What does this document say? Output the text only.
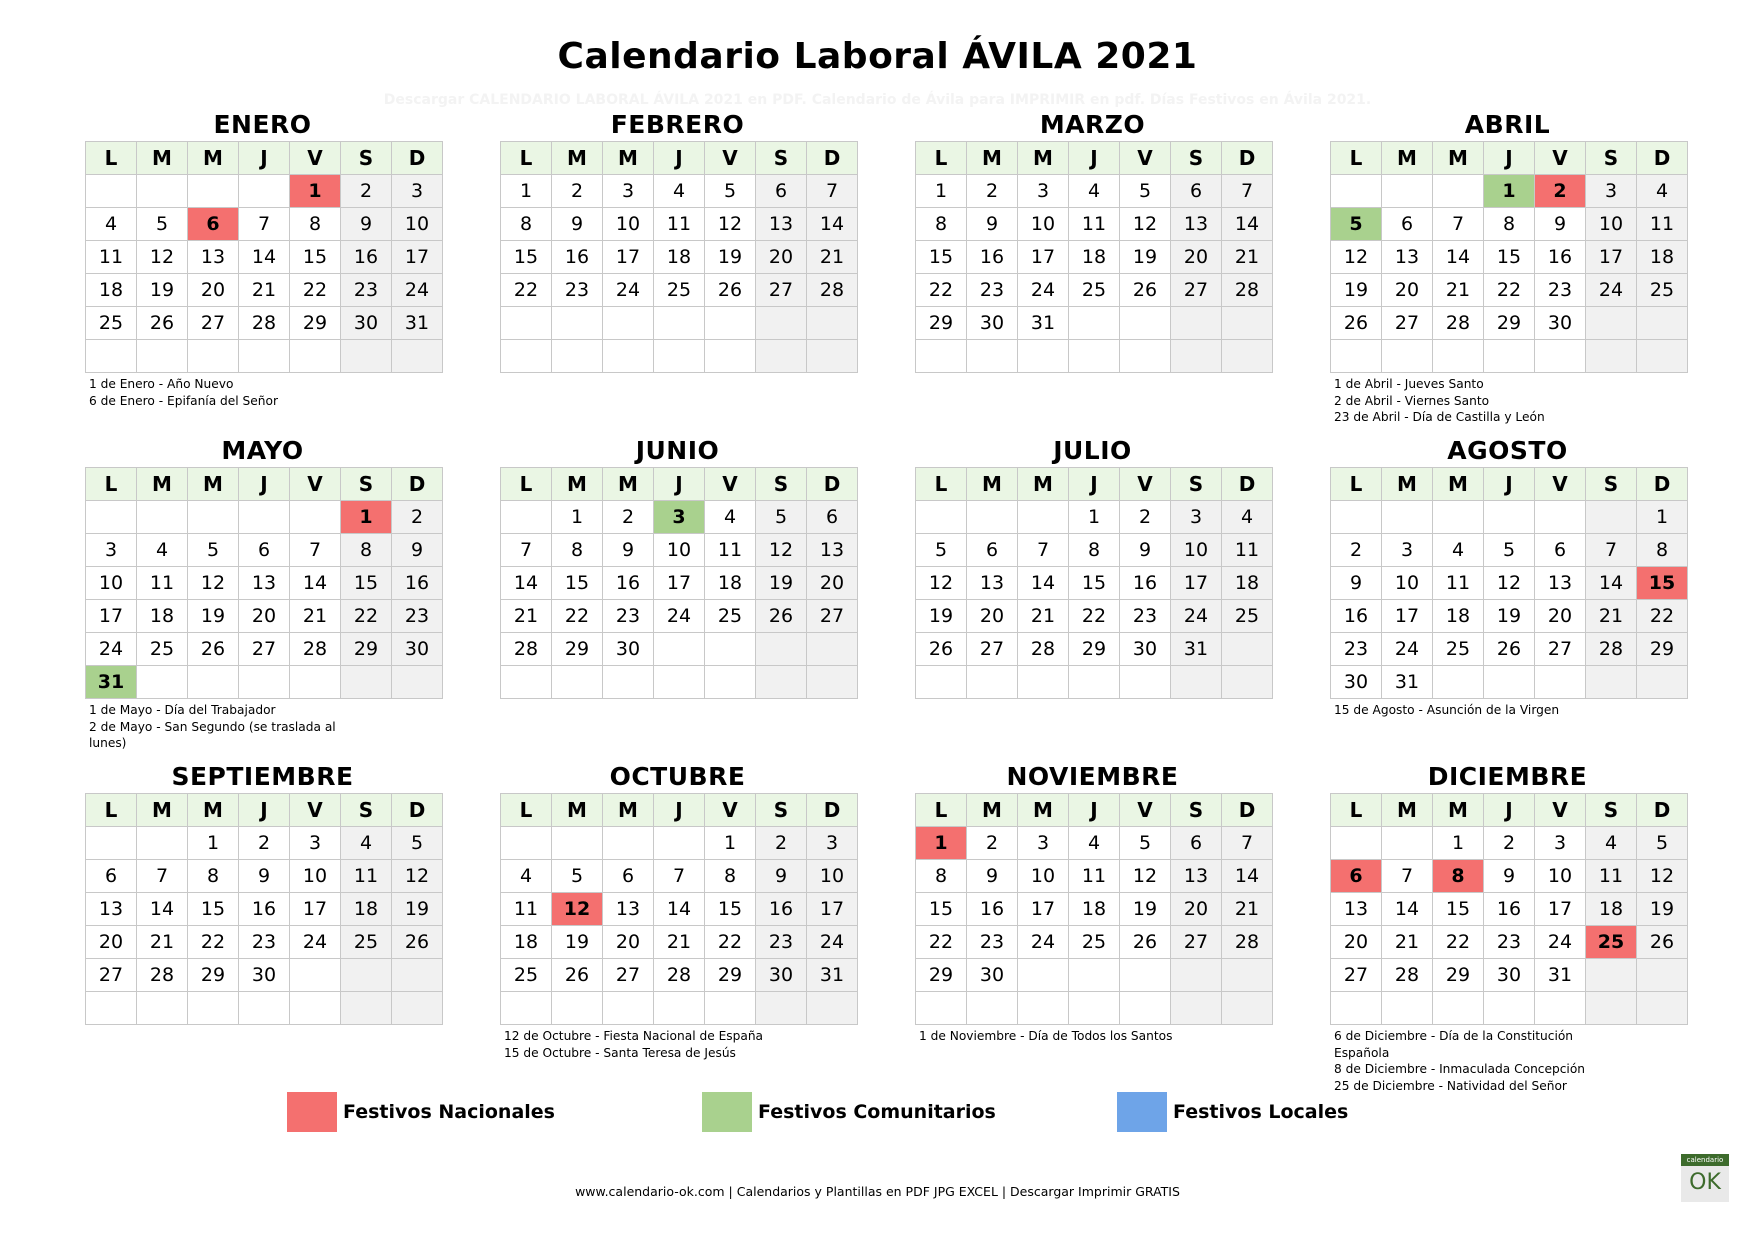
Calendario Laboral ÁVILA 2021
Descargar CALENDARIO LABORAL ÁVILA 2021 en PDF. Calendario de Ávila para IMPRIMIR en pdf. Días Festivos en Ávila 2021.
ENERO
L	M	M	J	V	S	D
				1	2	3
4	5	6	7	8	9	10
11	12	13	14	15	16	17
18	19	20	21	22	23	24
25	26	27	28	29	30	31

1 de Enero - Año Nuevo
6 de Enero - Epifanía del Señor
FEBRERO
L	M	M	J	V	S	D
1	2	3	4	5	6	7
8	9	10	11	12	13	14
15	16	17	18	19	20	21
22	23	24	25	26	27	28

MARZO
L	M	M	J	V	S	D
1	2	3	4	5	6	7
8	9	10	11	12	13	14
15	16	17	18	19	20	21
22	23	24	25	26	27	28
29	30	31				

ABRIL
L	M	M	J	V	S	D
			1	2	3	4
5	6	7	8	9	10	11
12	13	14	15	16	17	18
19	20	21	22	23	24	25
26	27	28	29	30		

1 de Abril - Jueves Santo
2 de Abril - Viernes Santo
23 de Abril - Día de Castilla y León
MAYO
L	M	M	J	V	S	D
					1	2
3	4	5	6	7	8	9
10	11	12	13	14	15	16
17	18	19	20	21	22	23
24	25	26	27	28	29	30
31						
1 de Mayo - Día del Trabajador
2 de Mayo - San Segundo (se traslada al lunes)
JUNIO
L	M	M	J	V	S	D
	1	2	3	4	5	6
7	8	9	10	11	12	13
14	15	16	17	18	19	20
21	22	23	24	25	26	27
28	29	30				

JULIO
L	M	M	J	V	S	D
			1	2	3	4
5	6	7	8	9	10	11
12	13	14	15	16	17	18
19	20	21	22	23	24	25
26	27	28	29	30	31	

AGOSTO
L	M	M	J	V	S	D
						1
2	3	4	5	6	7	8
9	10	11	12	13	14	15
16	17	18	19	20	21	22
23	24	25	26	27	28	29
30	31					
15 de Agosto - Asunción de la Virgen
SEPTIEMBRE
L	M	M	J	V	S	D
		1	2	3	4	5
6	7	8	9	10	11	12
13	14	15	16	17	18	19
20	21	22	23	24	25	26
27	28	29	30			

OCTUBRE
L	M	M	J	V	S	D
				1	2	3
4	5	6	7	8	9	10
11	12	13	14	15	16	17
18	19	20	21	22	23	24
25	26	27	28	29	30	31

12 de Octubre - Fiesta Nacional de España
15 de Octubre - Santa Teresa de Jesús
NOVIEMBRE
L	M	M	J	V	S	D
1	2	3	4	5	6	7
8	9	10	11	12	13	14
15	16	17	18	19	20	21
22	23	24	25	26	27	28
29	30					

1 de Noviembre - Día de Todos los Santos
DICIEMBRE
L	M	M	J	V	S	D
		1	2	3	4	5
6	7	8	9	10	11	12
13	14	15	16	17	18	19
20	21	22	23	24	25	26
27	28	29	30	31		

6 de Diciembre - Día de la Constitución Española
8 de Diciembre - Inmaculada Concepción
25 de Diciembre - Natividad del Señor
Festivos Nacionales	Festivos Comunitarios	Festivos Locales
www.calendario-ok.com | Calendarios y Plantillas en PDF JPG EXCEL | Descargar Imprimir GRATIS
calendario
OK
